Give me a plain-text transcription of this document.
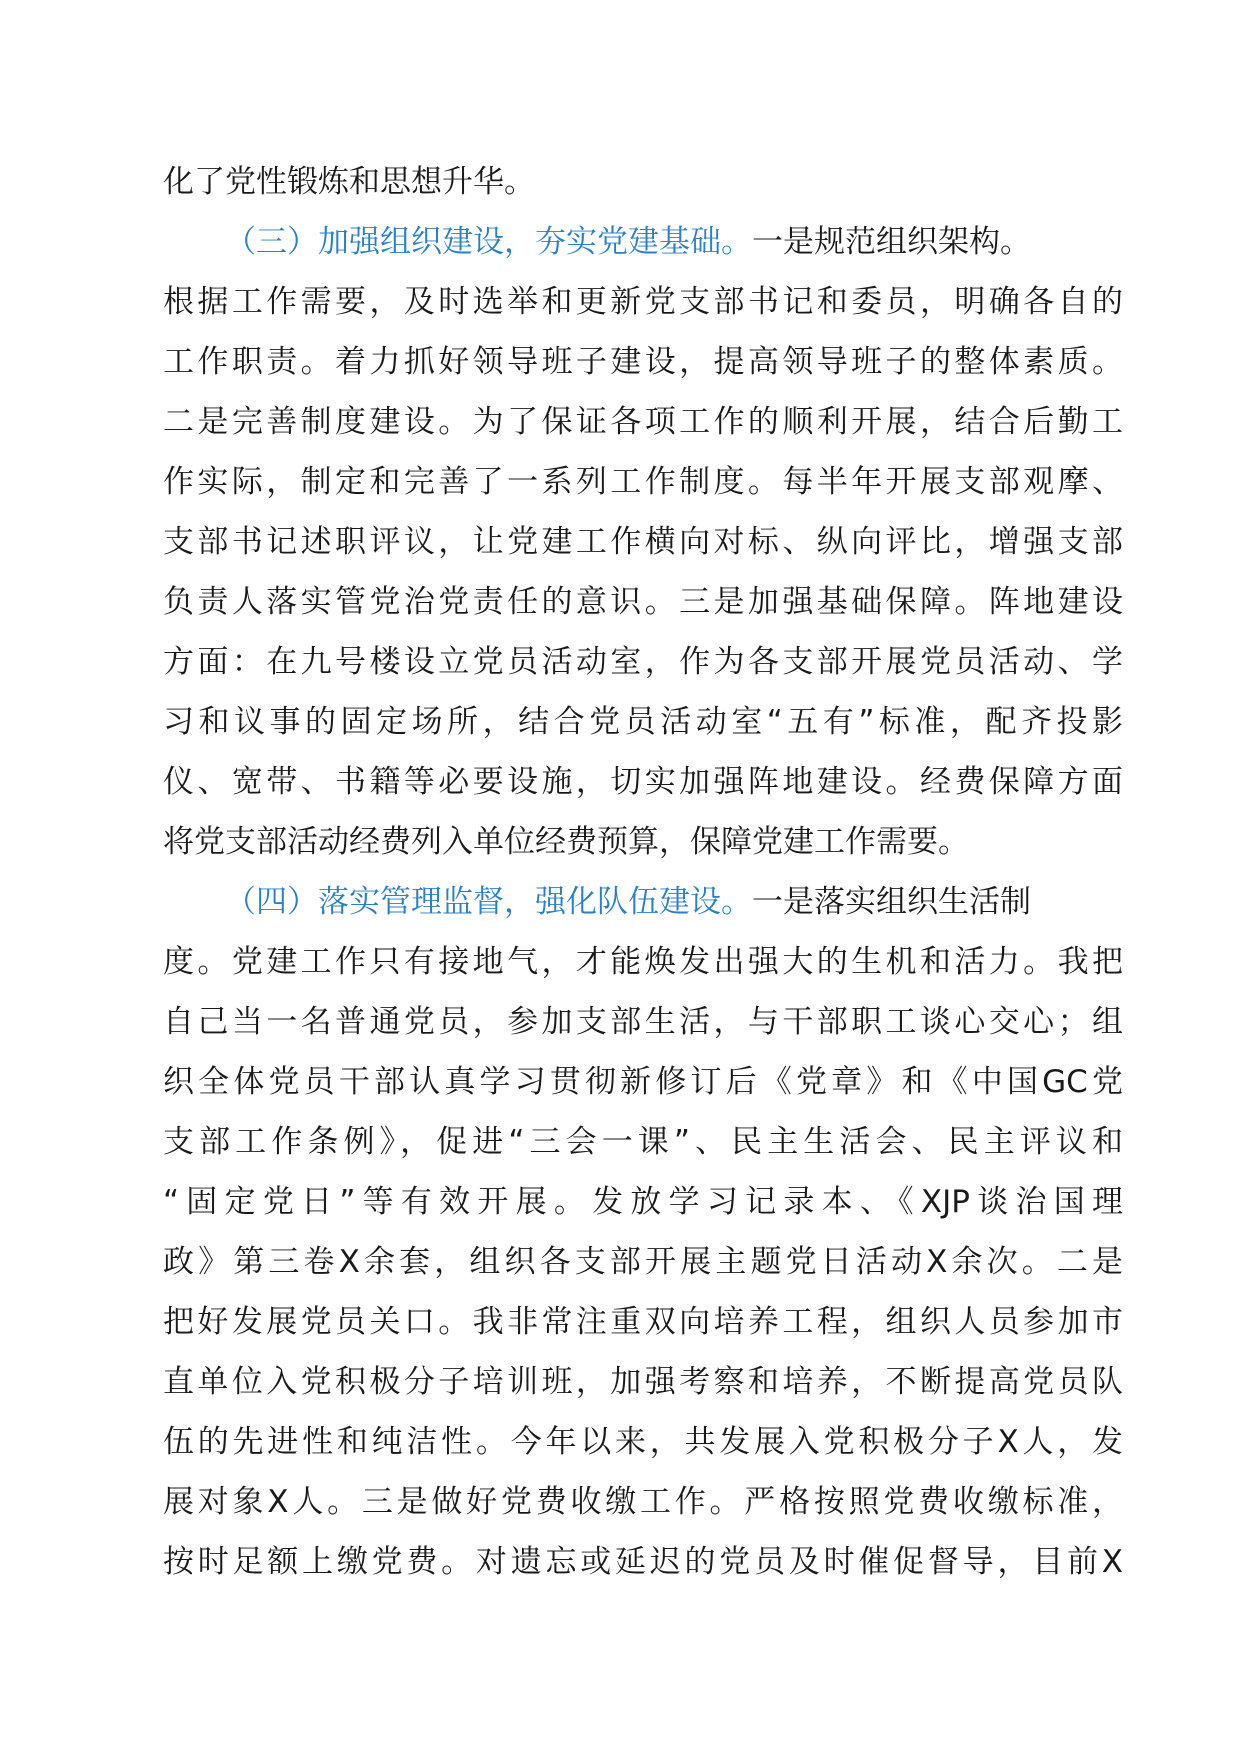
化了党性锻炼和思想升华。
（三）加强组织建设，夯实党建基础。一是规范组织架构。
根据工作需要，及时选举和更新党支部书记和委员，明确各自的
工作职责。着力抓好领导班子建设，提高领导班子的整体素质。
二是完善制度建设。为了保证各项工作的顺利开展，结合后勤工
作实际，制定和完善了一系列工作制度。每半年开展支部观摩、
支部书记述职评议，让党建工作横向对标、纵向评比，增强支部
负责人落实管党治党责任的意识。三是加强基础保障。阵地建设
方面：在九号楼设立党员活动室，作为各支部开展党员活动、学
习和议事的固定场所，结合党员活动室“五有”标准，配齐投影
仪、宽带、书籍等必要设施，切实加强阵地建设。经费保障方面
将党支部活动经费列入单位经费预算，保障党建工作需要。
（四）落实管理监督，强化队伍建设。一是落实组织生活制
度。党建工作只有接地气，才能焕发出强大的生机和活力。我把
自己当一名普通党员，参加支部生活，与干部职工谈心交心；组
织全体党员干部认真学习贯彻新修订后《党章》和《中国GC党
支部工作条例》，促进“三会一课”、民主生活会、民主评议和
“固定党日”等有效开展。发放学习记录本、《XJP谈治国理
政》第三卷X余套，组织各支部开展主题党日活动X余次。二是
把好发展党员关口。我非常注重双向培养工程，组织人员参加市
直单位入党积极分子培训班，加强考察和培养，不断提高党员队
伍的先进性和纯洁性。今年以来，共发展入党积极分子X人，发
展对象X人。三是做好党费收缴工作。严格按照党费收缴标准，
按时足额上缴党费。对遗忘或延迟的党员及时催促督导，目前X
